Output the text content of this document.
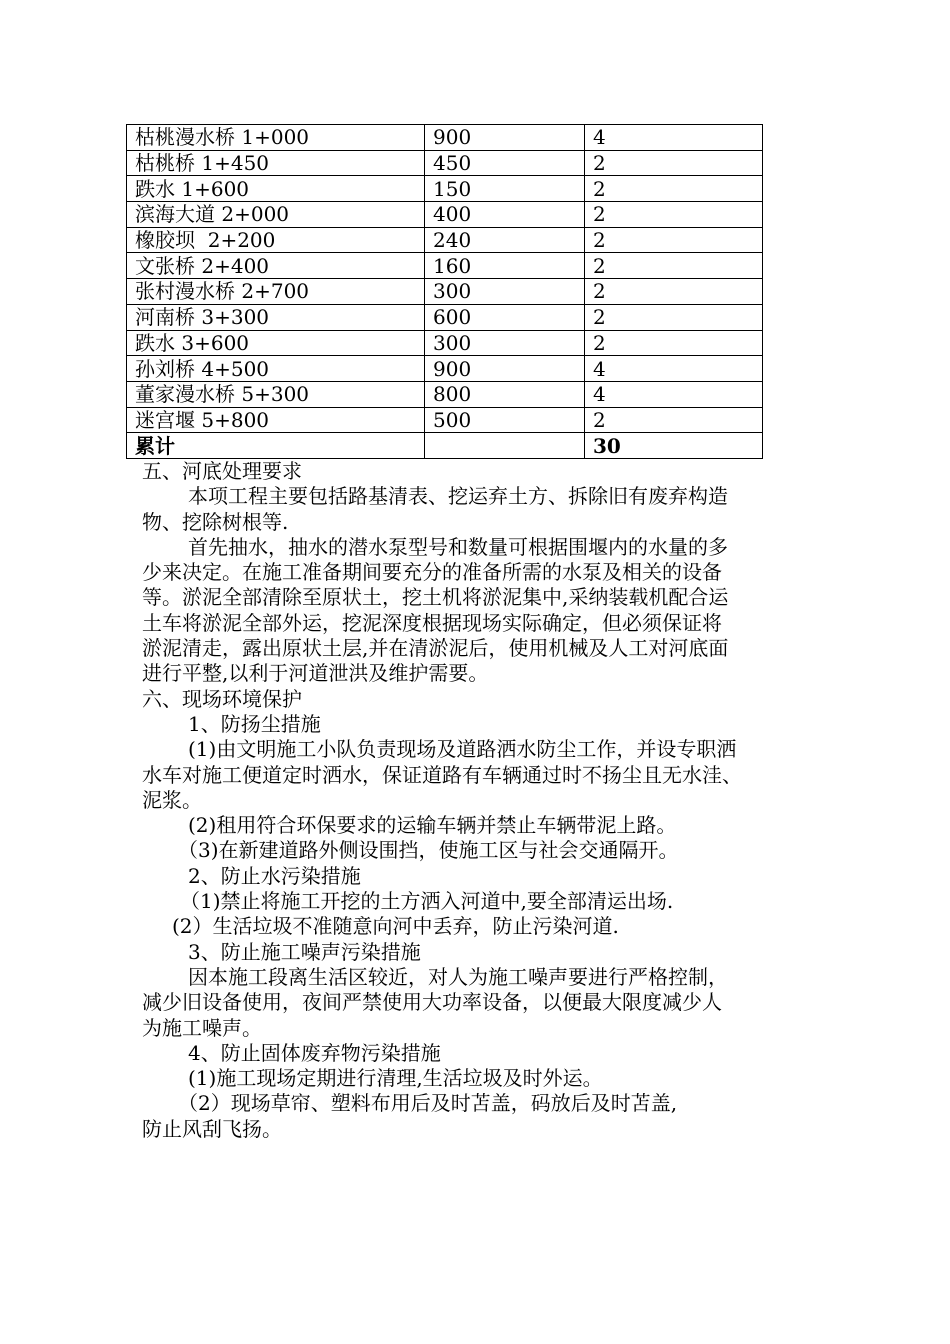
枯桃漫水桥 1+000	900	4
枯桃桥 1+450	450	2
跌水 1+600	150	2
滨海大道 2+000	400	2
橡胶坝  2+200	240	2
文张桥 2+400	160	2
张村漫水桥 2+700	300	2
河南桥 3+300	600	2
跌水 3+600	300	2
孙刘桥 4+500	900	4
董家漫水桥 5+300	800	4
迷宫堰 5+800	500	2
累计		30

五、河底处理要求

本项工程主要包括路基清表、挖运弃土方、拆除旧有废弃构造

物、挖除树根等.

首先抽水，抽水的潜水泵型号和数量可根据围堰内的水量的多

少来决定。在施工准备期间要充分的准备所需的水泵及相关的设备

等。淤泥全部清除至原状土，挖土机将淤泥集中,采纳装载机配合运

土车将淤泥全部外运，挖泥深度根据现场实际确定，但必须保证将

淤泥清走，露出原状土层,并在清淤泥后，使用机械及人工对河底面

进行平整,以利于河道泄洪及维护需要。

六、现场环境保护

1、防扬尘措施

(1)由文明施工小队负责现场及道路洒水防尘工作，并设专职洒

水车对施工便道定时洒水，保证道路有车辆通过时不扬尘且无水洼、

泥浆。

(2)租用符合环保要求的运输车辆并禁止车辆带泥上路。

（3)在新建道路外侧设围挡，使施工区与社会交通隔开。

2、防止水污染措施

（1)禁止将施工开挖的土方洒入河道中,要全部清运出场.

(2）生活垃圾不准随意向河中丢弃，防止污染河道.

3、防止施工噪声污染措施

因本施工段离生活区较近，对人为施工噪声要进行严格控制，

减少旧设备使用，夜间严禁使用大功率设备，以便最大限度减少人

为施工噪声。

4、防止固体废弃物污染措施

(1)施工现场定期进行清理,生活垃圾及时外运。

（2）现场草帘、塑料布用后及时苫盖，码放后及时苫盖,

防止风刮飞扬。
